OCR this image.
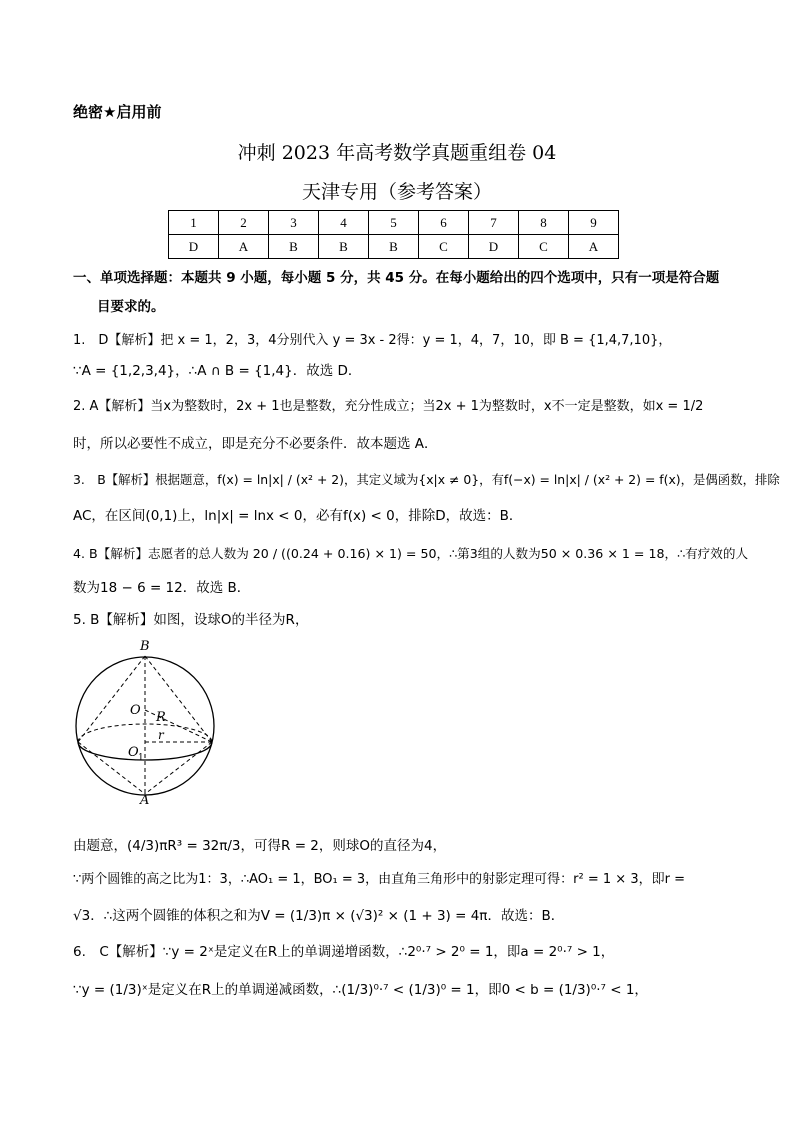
绝密★启用前
冲刺 2023 年高考数学真题重组卷 04
天津专用（参考答案）
1	2	3	4	5	6	7	8	9
D	A	B	B	B	C	D	C	A
一、单项选择题：本题共 9 小题，每小题 5 分，共 45 分。在每小题给出的四个选项中，只有一项是符合题
目要求的。
1.　D【解析】把 x = 1，2，3，4分别代入 y = 3x - 2得：y = 1，4，7，10，即 B = {1,4,7,10}，
∵A = {1,2,3,4}，∴A ∩ B = {1,4}．故选 D．
2. A【解析】当x为整数时，2x + 1也是整数，充分性成立；当2x + 1为整数时，x不一定是整数，如x = 1/2
时，所以必要性不成立，即是充分不必要条件．故本题选 A．
3.　B【解析】根据题意，f(x) = ln|x| / (x² + 2)，其定义域为{x|x ≠ 0}，有f(−x) = ln|x| / (x² + 2) = f(x)，是偶函数，排除
AC，在区间(0,1)上，ln|x| = lnx < 0，必有f(x) < 0，排除D，故选：B．
4. B【解析】志愿者的总人数为 20 / ((0.24 + 0.16) × 1) = 50，∴第3组的人数为50 × 0.36 × 1 = 18，∴有疗效的人
数为18 − 6 = 12．故选 B．
5. B【解析】如图，设球O的半径为R，
B
O R
r
O 1
A
由题意，(4/3)πR³ = 32π/3，可得R = 2，则球O的直径为4，
∵两个圆锥的高之比为1：3，∴AO₁ = 1，BO₁ = 3，由直角三角形中的射影定理可得：r² = 1 × 3，即r =
√3．∴这两个圆锥的体积之和为V = (1/3)π × (√3)² × (1 + 3) = 4π．故选：B．
6.　C【解析】∵y = 2ˣ是定义在R上的单调递增函数，∴2⁰·⁷ > 2⁰ = 1，即a = 2⁰·⁷ > 1，
∵y = (1/3)ˣ是定义在R上的单调递减函数，∴(1/3)⁰·⁷ < (1/3)⁰ = 1，即0 < b = (1/3)⁰·⁷ < 1，
